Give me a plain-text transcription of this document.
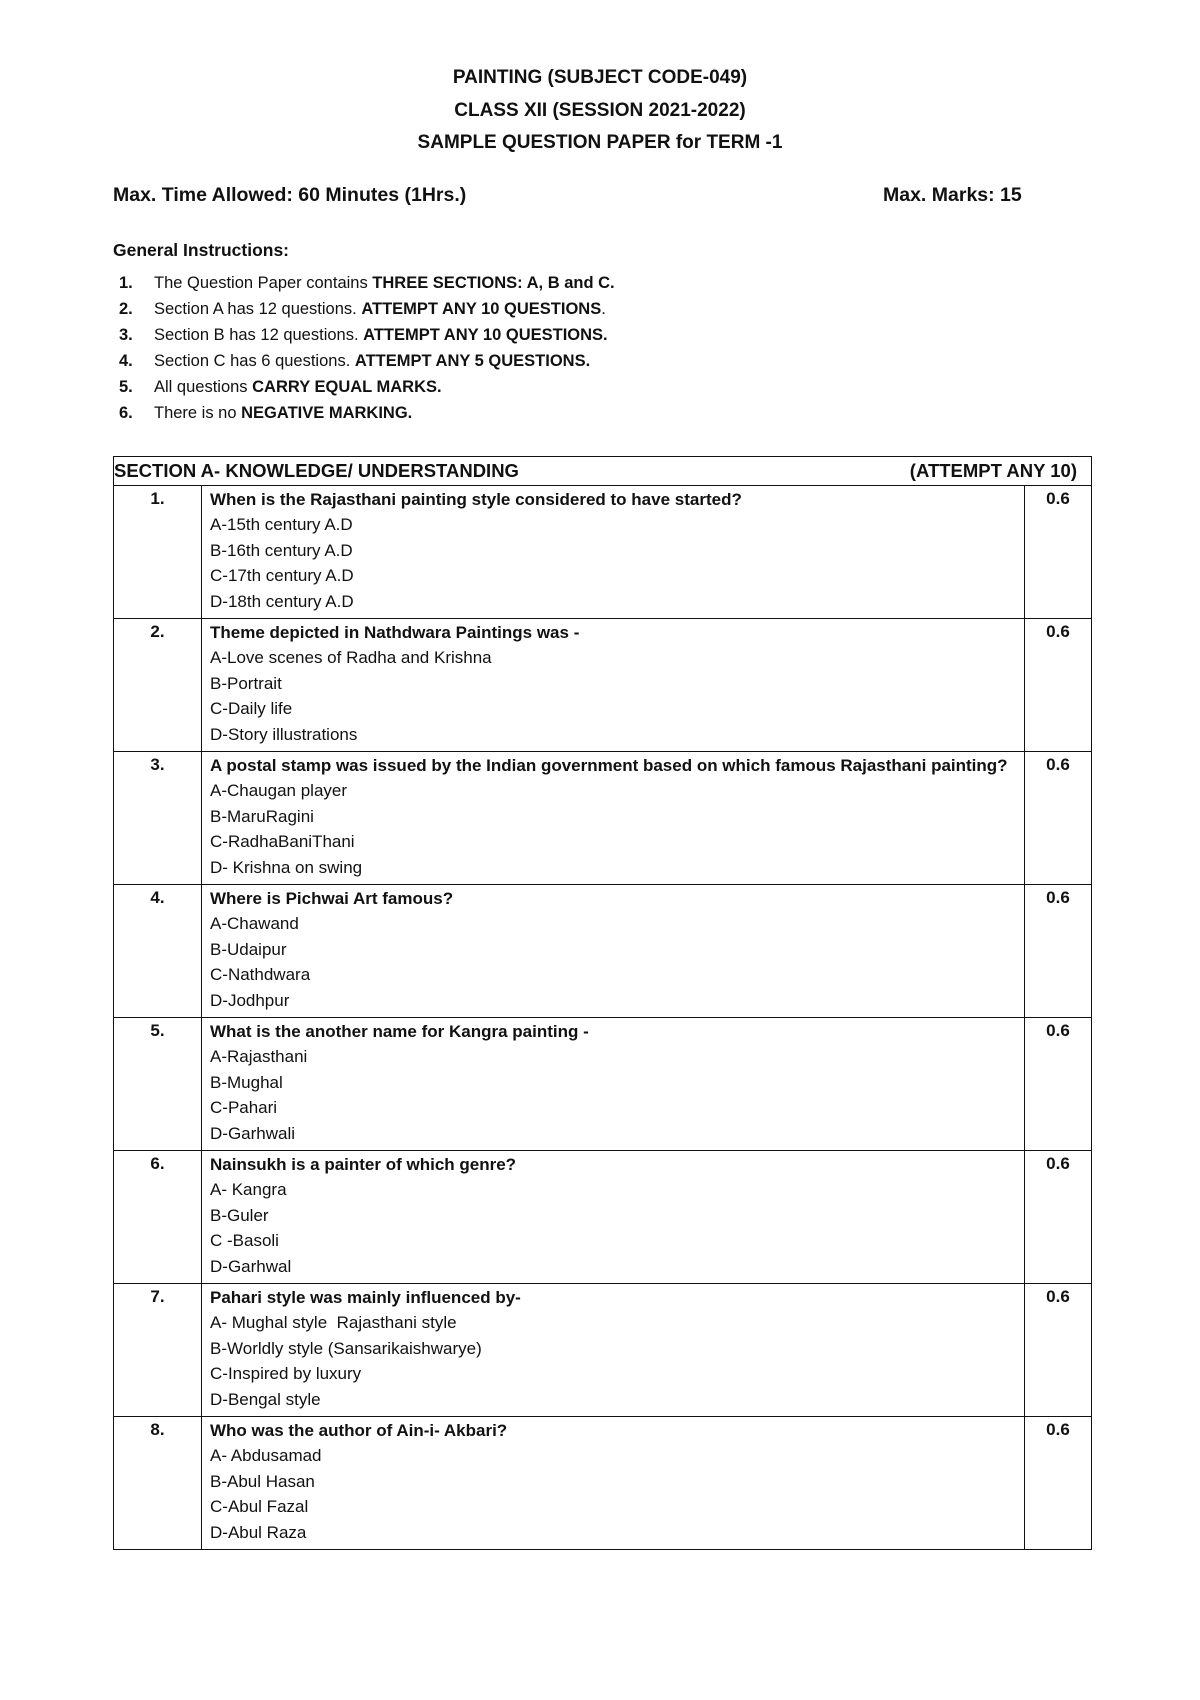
PAINTING (SUBJECT CODE-049)
CLASS XII (SESSION 2021-2022)
SAMPLE QUESTION PAPER for TERM -1
Max. Time Allowed: 60 Minutes (1Hrs.)	Max. Marks: 15
General Instructions:
1. The Question Paper contains THREE SECTIONS: A, B and C.
2. Section A has 12 questions. ATTEMPT ANY 10 QUESTIONS.
3. Section B has 12 questions. ATTEMPT ANY 10 QUESTIONS.
4. Section C has 6 questions. ATTEMPT ANY 5 QUESTIONS.
5. All questions CARRY EQUAL MARKS.
6. There is no NEGATIVE MARKING.
SECTION A- KNOWLEDGE/ UNDERSTANDING (ATTEMPT ANY 10)		

1.	When is the Rajasthani painting style considered to have started?
A-15th century A.D
B-16th century A.D
C-17th century A.D
D-18th century A.D	0.6
2.	Theme depicted in Nathdwara Paintings was -
A-Love scenes of Radha and Krishna
B-Portrait
C-Daily life
D-Story illustrations	0.6
3.	A postal stamp was issued by the Indian government based on which famous Rajasthani painting?
A-Chaugan player
B-MaruRagini
C-RadhaBaniThani
D- Krishna on swing	0.6
4.	Where is Pichwai Art famous?
A-Chawand
B-Udaipur
C-Nathdwara
D-Jodhpur	0.6
5.	What is the another name for Kangra painting -
A-Rajasthani
B-Mughal
C-Pahari
D-Garhwali	0.6
6.	Nainsukh is a painter of which genre?
A- Kangra
B-Guler
C -Basoli
D-Garhwal	0.6
7.	Pahari style was mainly influenced by-
A- Mughal style  Rajasthani style
B-Worldly style (Sansarikaishwarye)
C-Inspired by luxury
D-Bengal style	0.6
8.	Who was the author of Ain-i- Akbari?
A- Abdusamad
B-Abul Hasan
C-Abul Fazal
D-Abul Raza	0.6
